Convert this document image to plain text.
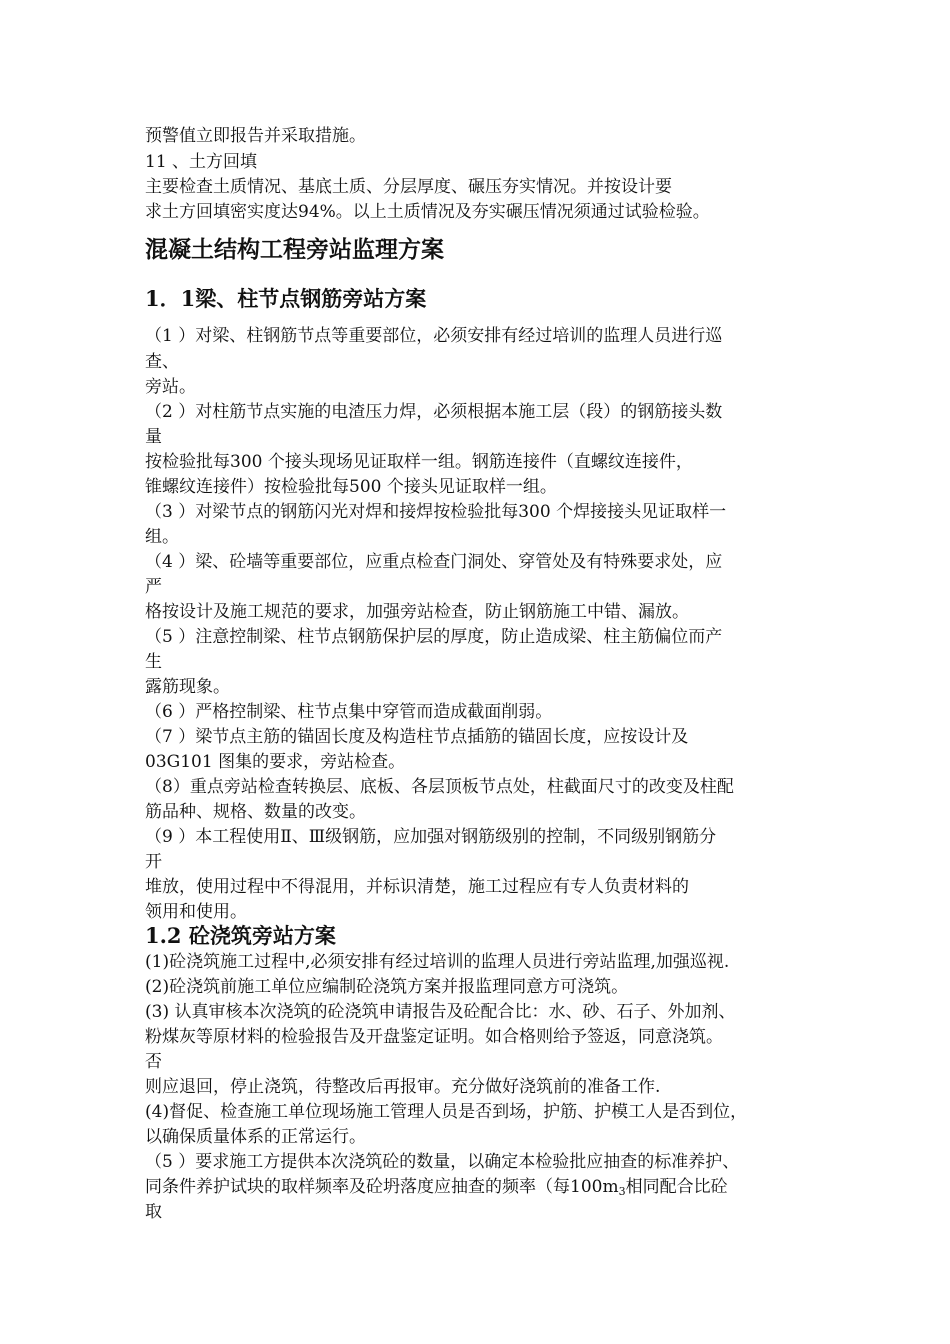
预警值立即报告并采取措施。

11 、土方回填

主要检查土质情况、基底土质、分层厚度、碾压夯实情况。并按设计要

求土方回填密实度达94%。以上土质情况及夯实碾压情况须通过试验检验。

混凝土结构工程旁站监理方案
1．1梁、柱节点钢筋旁站方案

（1 ）对梁、柱钢筋节点等重要部位，必须安排有经过培训的监理人员进行巡

查、

旁站。

（2 ）对柱筋节点实施的电渣压力焊，必须根据本施工层（段）的钢筋接头数

量

按检验批每300 个接头现场见证取样一组。钢筋连接件（直螺纹连接件，

锥螺纹连接件）按检验批每500 个接头见证取样一组。

（3 ）对梁节点的钢筋闪光对焊和接焊按检验批每300 个焊接接头见证取样一

组。

（4 ）梁、砼墙等重要部位，应重点检查门洞处、穿管处及有特殊要求处，应

严

格按设计及施工规范的要求，加强旁站检查，防止钢筋施工中错、漏放。

（5 ）注意控制梁、柱节点钢筋保护层的厚度，防止造成梁、柱主筋偏位而产

生

露筋现象。

（6 ）严格控制梁、柱节点集中穿管而造成截面削弱。

（7 ）梁节点主筋的锚固长度及构造柱节点插筋的锚固长度，应按设计及

03G101 图集的要求，旁站检查。

（8）重点旁站检查转换层、底板、各层顶板节点处，柱截面尺寸的改变及柱配

筋品种、规格、数量的改变。

（9 ）本工程使用Ⅱ、Ⅲ级钢筋，应加强对钢筋级别的控制，不同级别钢筋分

开

堆放，使用过程中不得混用，并标识清楚，施工过程应有专人负责材料的

领用和使用。

1.2 砼浇筑旁站方案

(1)砼浇筑施工过程中,必须安排有经过培训的监理人员进行旁站监理,加强巡视.

(2)砼浇筑前施工单位应编制砼浇筑方案并报监理同意方可浇筑。

(3) 认真审核本次浇筑的砼浇筑申请报告及砼配合比：水、砂、石子、外加剂、

粉煤灰等原材料的检验报告及开盘鉴定证明。如合格则给予签返，同意浇筑。

否

则应退回，停止浇筑，待整改后再报审。充分做好浇筑前的准备工作.

(4)督促、检查施工单位现场施工管理人员是否到场，护筋、护模工人是否到位，

以确保质量体系的正常运行。

（5 ）要求施工方提供本次浇筑砼的数量，以确定本检验批应抽查的标准养护、

同条件养护试块的取样频率及砼坍落度应抽查的频率（每$100m_3$相同配合比砼

取
